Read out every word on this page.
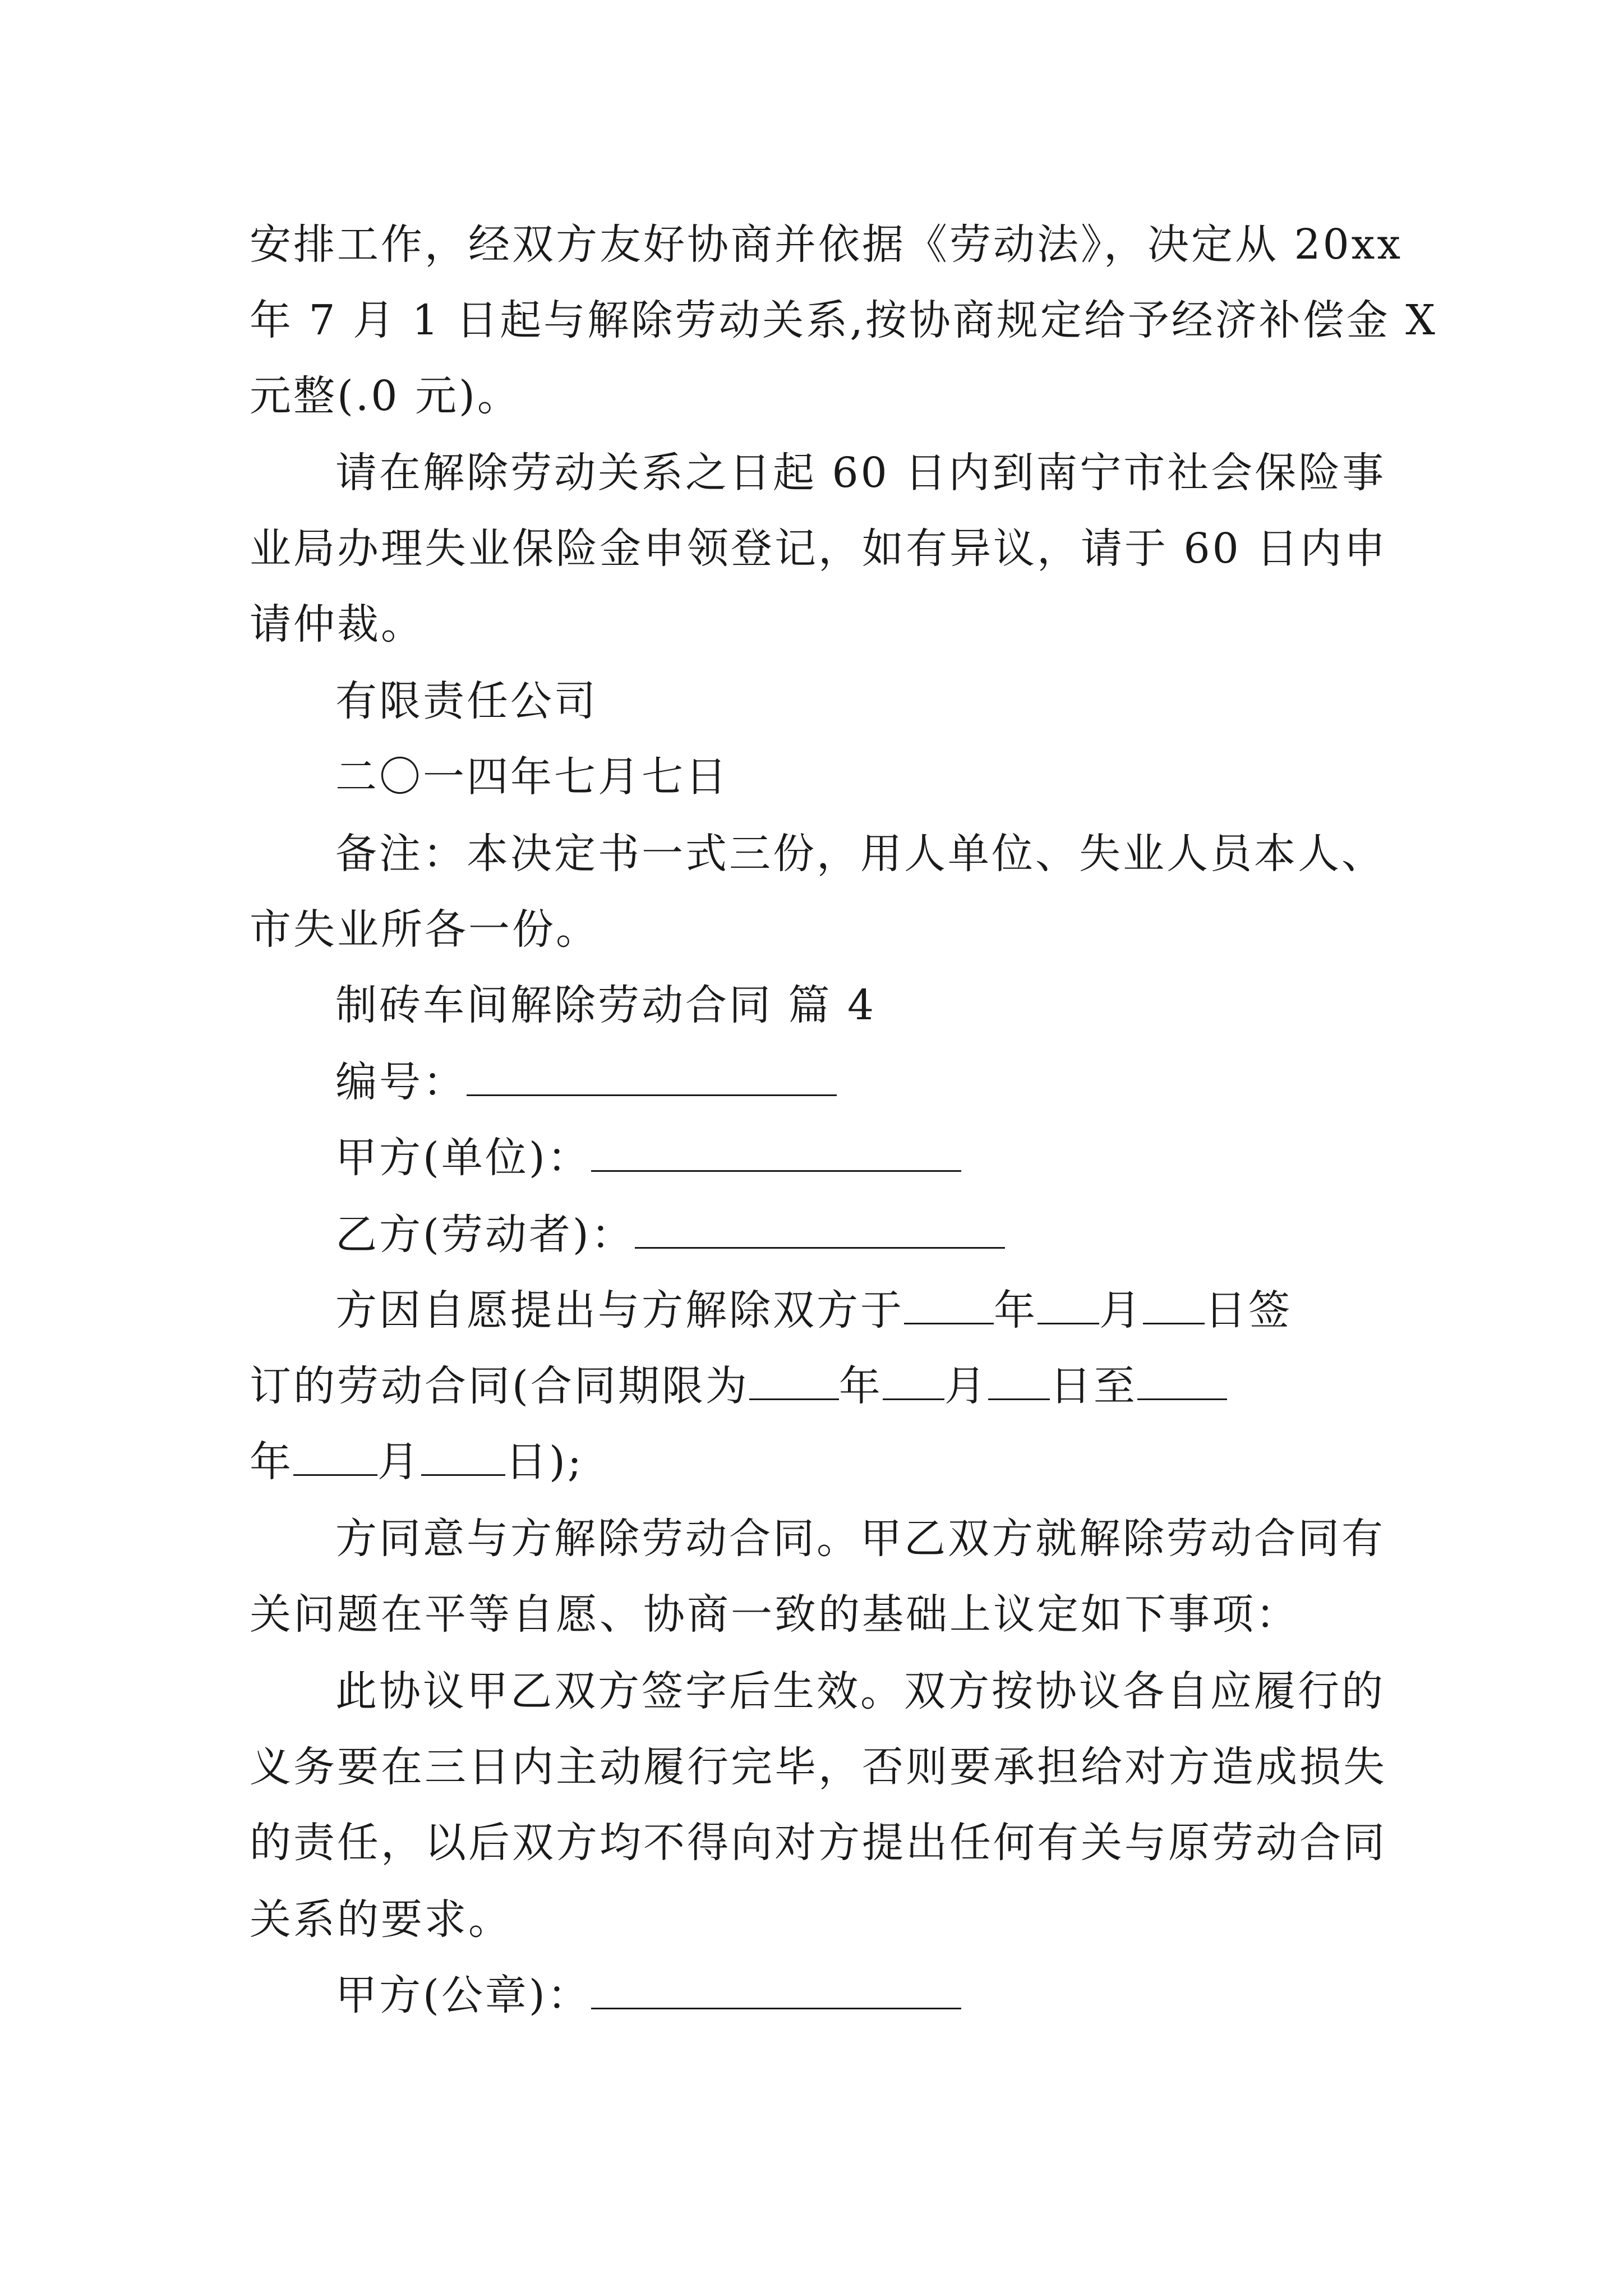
安排工作，经双方友好协商并依据《劳动法》，决定从 20xx
年 7 月 1 日起与解除劳动关系,按协商规定给予经济补偿金 X
元整(.0 元)。
请在解除劳动关系之日起 60 日内到南宁市社会保险事
业局办理失业保险金申领登记，如有异议，请于 60 日内申
请仲裁。
有限责任公司
二〇一四年七月七日
备注：本决定书一式三份，用人单位、失业人员本人、
市失业所各一份。
制砖车间解除劳动合同 篇 4
编号：
甲方(单位)：
乙方(劳动者)：
方因自愿提出与方解除双方于 年 月 日签
订的劳动合同(合同期限为 年 月 日至
年 月 日);
方同意与方解除劳动合同。甲乙双方就解除劳动合同有
关问题在平等自愿、协商一致的基础上议定如下事项：
此协议甲乙双方签字后生效。双方按协议各自应履行的
义务要在三日内主动履行完毕，否则要承担给对方造成损失
的责任，以后双方均不得向对方提出任何有关与原劳动合同
关系的要求。
甲方(公章)：
